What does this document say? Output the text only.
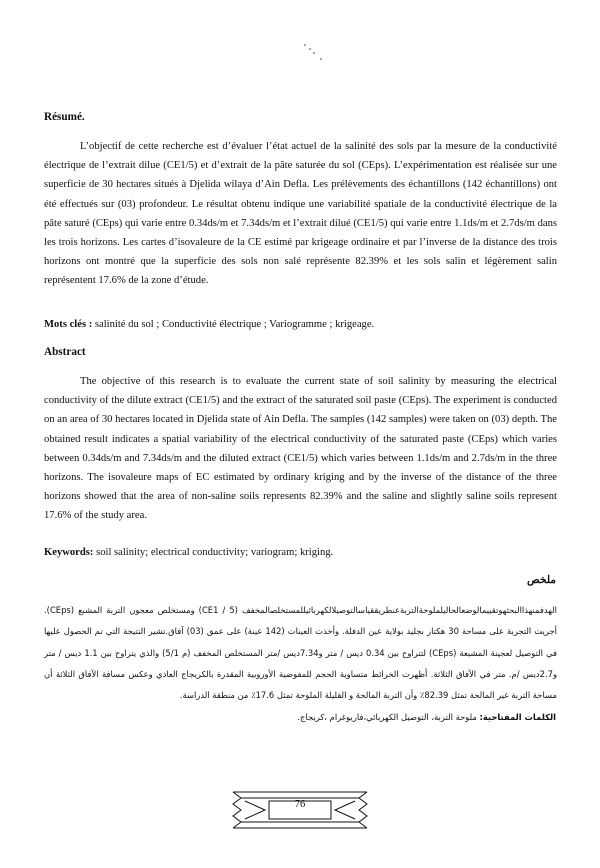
Résumé.
L’objectif de cette recherche est d’évaluer l’état actuel de la salinité des sols par la mesure de la conductivité électrique de l’extrait dilue (CE1/5) et d’extrait de la pâte saturée du sol (CEps). L’expérimentation est réalisée sur une superficie de 30 hectares situés à Djelida wilaya d’Ain Defla. Les prélèvements des échantillons (142 échantillons) ont été effectués sur (03) profondeur. Le résultat obtenu indique une variabilité spatiale de la conductivité électrique de la pâte saturé (CEps) qui varie entre 0.34ds/m et 7.34ds/m et l’extrait dilué (CE1/5) qui varie entre 1.1ds/m et 2.7ds/m dans les trois horizons. Les cartes d’isovaleure de la CE estimé par krigeage ordinaire et par l’inverse de la distance des trois horizons ont montré que la superficie des sols non salé représente 82.39% et les sols salin et légèrement salin représentent 17.6% de la zone d’étude.
Mots clés : salinité du sol ; Conductivité électrique ; Variogramme ; krigeage.
Abstract
The objective of this research is to evaluate the current state of soil salinity by measuring the electrical conductivity of the dilute extract (CE1/5) and the extract of the saturated soil paste (CEps). The experiment is conducted on an area of 30 hectares located in Djelida state of Ain Defla. The samples (142 samples) were taken on (03) depth. The obtained result indicates a spatial variability of the electrical conductivity of the saturated paste (CEps) which varies between 0.34ds/m and 7.34ds/m and the diluted extract (CE1/5) which varies between 1.1ds/m and 2.7ds/m in the three horizons. The isovaleure maps of EC estimated by ordinary kriging and by the inverse of the distance of the three horizons showed that the area of non-saline soils represents 82.39% and the saline and slightly saline soils represent 17.6% of the study area.
Keywords: soil salinity; electrical conductivity; variogram; kriging.
ملخص
الهدفمنهذاالبحثهوتقييمالوضعالحاليلملوحةالتربةعنطريققياسالتوصيلالكهربائيللمستخلصالمخفف (CE1 / 5) ومستخلص معجون التربة المشبع (CEps). أجريت التجربة على مساحة 30 هكتار بجليد بولاية عين الدفلة. وأخذت العينات (142 عينة) على عمق (03) آفاق.تشير النتيجة التي تم الحصول عليها في التوصيل لعجينة المشبعة (CEps) لتتراوح بين 0.34 ديس / متر و7.34ديس /متر المستخلص المخفف (م 5/1) والذي يتراوح بين 1.1 ديس / متر و2.7ديس /م. متر في الآفاق الثلاثة. أظهرت الخرائط متساوية الحجم للمفوضية الأوروبية المقدرة بالكريجاج العادي وعكس مسافة الآفاق الثلاثة أن مساحة التربة غير المالحة تمثل 82.39٪ وأن التربة المالحة و القليلة الملوحة تمثل 17.6٪ من منطقة الدراسة.
الكلمات المفتاحية: ملوحة التربة، التوصيل الكهربائي،فاريوغرام ،كريجاج.
76
